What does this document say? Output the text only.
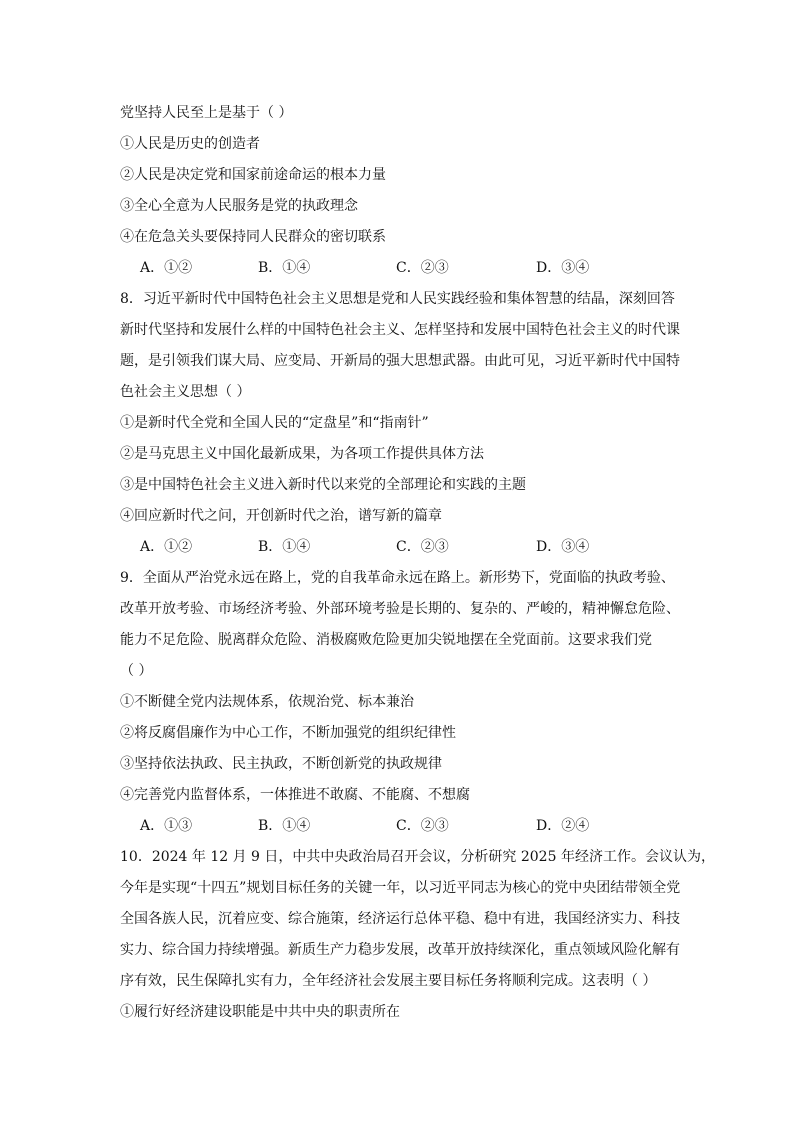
党坚持人民至上是基于（ ）
①人民是历史的创造者
②人民是决定党和国家前途命运的根本力量
③全心全意为人民服务是党的执政理念
④在危急关头要保持同人民群众的密切联系
A．①②	B．①④	C．②③	D．③④
8．习近平新时代中国特色社会主义思想是党和人民实践经验和集体智慧的结晶，深刻回答
新时代坚持和发展什么样的中国特色社会主义、怎样坚持和发展中国特色社会主义的时代课
题，是引领我们谋大局、应变局、开新局的强大思想武器。由此可见，习近平新时代中国特
色社会主义思想（ ）
①是新时代全党和全国人民的“定盘星”和“指南针”
②是马克思主义中国化最新成果，为各项工作提供具体方法
③是中国特色社会主义进入新时代以来党的全部理论和实践的主题
④回应新时代之问，开创新时代之治，谱写新的篇章
A．①②	B．①④	C．②③	D．③④
9．全面从严治党永远在路上，党的自我革命永远在路上。新形势下，党面临的执政考验、
改革开放考验、市场经济考验、外部环境考验是长期的、复杂的、严峻的，精神懈怠危险、
能力不足危险、脱离群众危险、消极腐败危险更加尖锐地摆在全党面前。这要求我们党
（ ）
①不断健全党内法规体系，依规治党、标本兼治
②将反腐倡廉作为中心工作，不断加强党的组织纪律性
③坚持依法执政、民主执政，不断创新党的执政规律
④完善党内监督体系，一体推进不敢腐、不能腐、不想腐
A．①③	B．①④	C．②③	D．②④
10．2024 年 12 月 9 日，中共中央政治局召开会议，分析研究 2025 年经济工作。会议认为，
今年是实现“十四五”规划目标任务的关键一年，以习近平同志为核心的党中央团结带领全党
全国各族人民，沉着应变、综合施策，经济运行总体平稳、稳中有进，我国经济实力、科技
实力、综合国力持续增强。新质生产力稳步发展，改革开放持续深化，重点领域风险化解有
序有效，民生保障扎实有力，全年经济社会发展主要目标任务将顺利完成。这表明（ ）
①履行好经济建设职能是中共中央的职责所在
